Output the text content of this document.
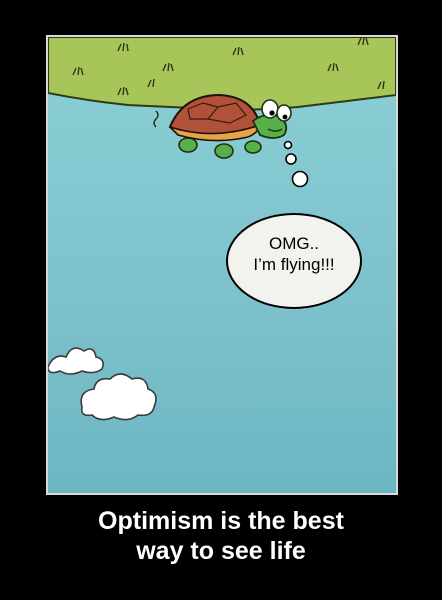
OMG..
I’m flying!!!
Optimism is the best
way to see life
